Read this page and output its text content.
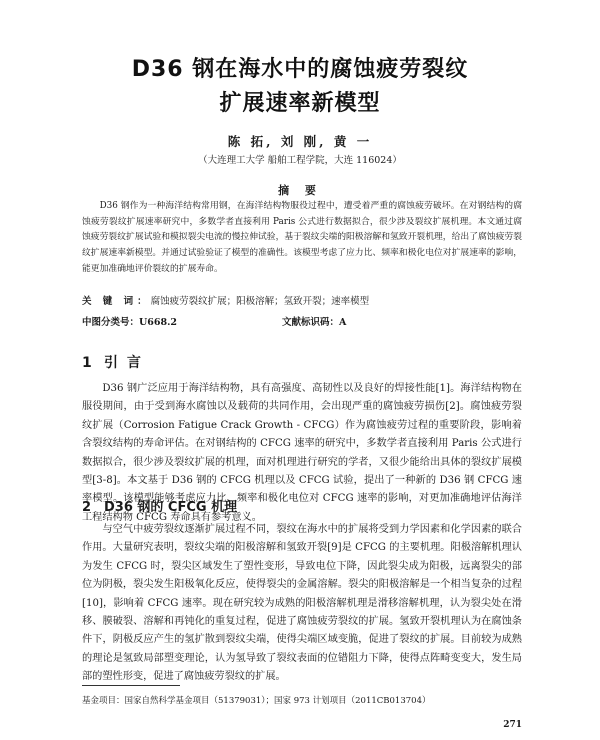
D36 钢在海水中的腐蚀疲劳裂纹
扩展速率新模型
陈 拓, 刘 刚, 黄 一
（大连理工大学 船舶工程学院，大连 116024）
摘 要
D36 钢作为一种海洋结构常用钢，在海洋结构物服役过程中，遭受着严重的腐蚀疲劳破坏。在对钢结构的腐蚀疲劳裂纹扩展速率研究中，多数学者直接利用 Paris 公式进行数据拟合，很少涉及裂纹扩展机理。本文通过腐蚀疲劳裂纹扩展试验和模拟裂尖电流的慢拉伸试验，基于裂纹尖端的阳极溶解和氢致开裂机理，给出了腐蚀疲劳裂纹扩展速率新模型。并通过试验验证了模型的准确性。该模型考虑了应力比、频率和极化电位对扩展速率的影响，能更加准确地评价裂纹的扩展寿命。
关 键 词：腐蚀疲劳裂纹扩展；阳极溶解；氢致开裂；速率模型
中图分类号：U668.2	文献标识码：A
1 引 言
D36 钢广泛应用于海洋结构物，具有高强度、高韧性以及良好的焊接性能[1]。海洋结构物在服役期间，由于受到海水腐蚀以及载荷的共同作用，会出现严重的腐蚀疲劳损伤[2]。腐蚀疲劳裂纹扩展（Corrosion Fatigue Crack Growth - CFCG）作为腐蚀疲劳过程的重要阶段，影响着含裂纹结构的寿命评估。在对钢结构的 CFCG 速率的研究中，多数学者直接利用 Paris 公式进行数据拟合，很少涉及裂纹扩展的机理，面对机理进行研究的学者，又很少能给出具体的裂纹扩展模型[3-8]。本文基于 D36 钢的 CFCG 机理以及 CFCG 试验，提出了一种新的 D36 钢 CFCG 速率模型。该模型能够考虑应力比、频率和极化电位对 CFCG 速率的影响，对更加准确地评估海洋工程结构物 CFCG 寿命具有参考意义。
2 D36 钢的 CFCG 机理
与空气中疲劳裂纹逐渐扩展过程不同，裂纹在海水中的扩展将受到力学因素和化学因素的联合作用。大量研究表明，裂纹尖端的阳极溶解和氢致开裂[9]是 CFCG 的主要机理。阳极溶解机理认为发生 CFCG 时，裂尖区域发生了塑性变形，导致电位下降，因此裂尖成为阳极，远离裂尖的部位为阴极，裂尖发生阳极氧化反应，使得裂尖的金属溶解。裂尖的阳极溶解是一个相当复杂的过程[10]，影响着 CFCG 速率。现在研究较为成熟的阳极溶解机理是滑移溶解机理，认为裂尖处在滑移、膜破裂、溶解和再钝化的重复过程，促进了腐蚀疲劳裂纹的扩展。氢致开裂机理认为在腐蚀条件下，阴极反应产生的氢扩散到裂纹尖端，使得尖端区域变脆，促进了裂纹的扩展。目前较为成熟的理论是氢致局部塑变理论，认为氢导致了裂纹表面的位错阻力下降，使得点阵畸变变大，发生局部的塑性形变，促进了腐蚀疲劳裂纹的扩展。
基金项目：国家自然科学基金项目（51379031）；国家 973 计划项目（2011CB013704）
271
